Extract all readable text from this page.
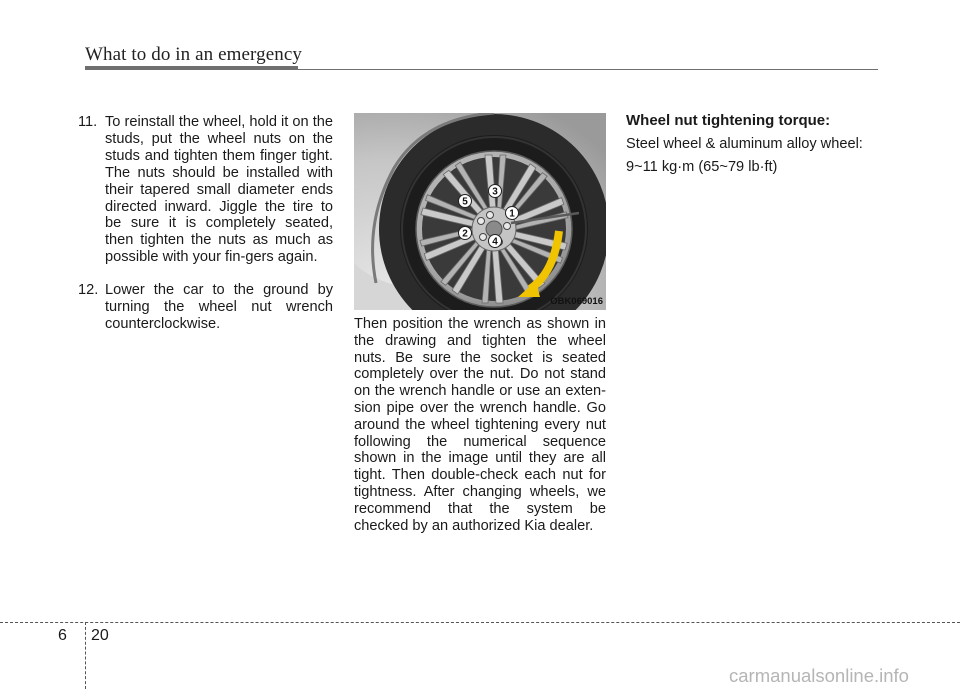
What to do in an emergency
11. To reinstall the wheel, hold it on the studs, put the wheel nuts on the studs and tighten them finger tight. The nuts should be installed with their tapered small diameter ends directed inward. Jiggle the tire to be sure it is completely seated, then tighten the nuts as much as possible with your fin-gers again.
12. Lower the car to the ground by turning the wheel nut wrench counterclockwise.
1
2
3
4
5
OBK069016
Then position the wrench as shown in the drawing and tighten the wheel nuts. Be sure the socket is seated completely over the nut. Do not stand on the wrench handle or use an exten-sion pipe over the wrench handle. Go around the wheel tightening every nut following the numerical sequence shown in the image until they are all tight. Then double-check each nut for tightness. After changing wheels, we recommend that the system be checked by an authorized Kia dealer.
Wheel nut tightening torque:
Steel wheel & aluminum alloy wheel:
9~11 kg·m (65~79 lb·ft)
6 20
carmanualsonline.info
